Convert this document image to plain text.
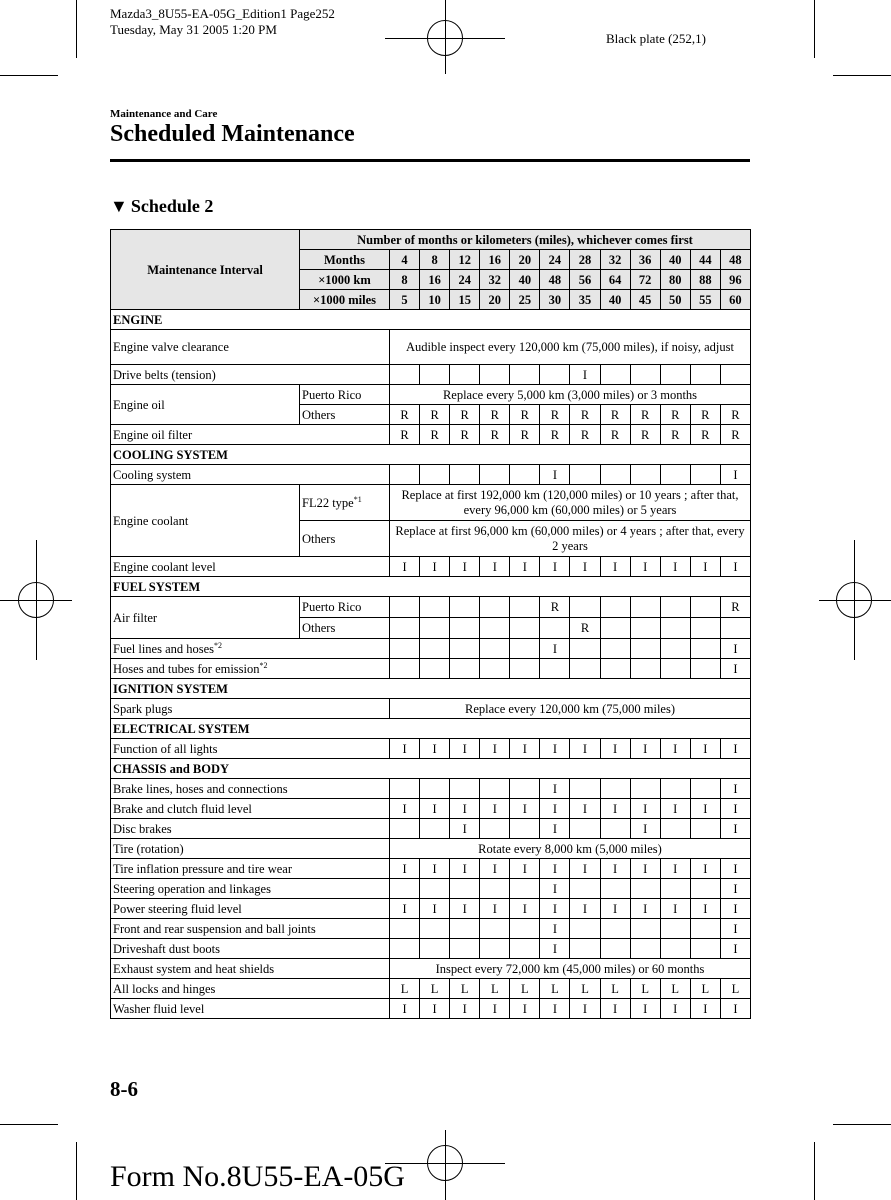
Mazda3_8U55-EA-05G_Edition1 Page252
Tuesday, May 31 2005 1:20 PM
Black plate (252,1)
Maintenance and Care
Scheduled Maintenance
▼ Schedule 2
Maintenance Interval	Number of months or kilometers (miles), whichever comes first												
	Months	4	8	12	16	20	24	28	32	36	40	44	48
	×1000 km	8	16	24	32	40	48	56	64	72	80	88	96
	×1000 miles	5	10	15	20	25	30	35	40	45	50	55	60
ENGINE													
Engine valve clearance		Audible inspect every 120,000 km (75,000 miles), if noisy, adjust											
Drive belts (tension)								I					
Engine oil	Puerto Rico	Replace every 5,000 km (3,000 miles) or 3 months											
	Others	R	R	R	R	R	R	R	R	R	R	R	R
Engine oil filter		R	R	R	R	R	R	R	R	R	R	R	R
COOLING SYSTEM													
Cooling system							I						I
Engine coolant	FL22 type$^{*1}$	Replace at first 192,000 km (120,000 miles) or 10 years ; after that, every 96,000 km (60,000 miles) or 5 years											
	Others	Replace at first 96,000 km (60,000 miles) or 4 years ; after that, every 2 years											
Engine coolant level		I	I	I	I	I	I	I	I	I	I	I	I
FUEL SYSTEM													
Air filter	Puerto Rico						R						R
	Others							R					
Fuel lines and hoses$^{*2}$							I						I
Hoses and tubes for emission$^{*2}$													I
IGNITION SYSTEM													
Spark plugs		Replace every 120,000 km (75,000 miles)											
ELECTRICAL SYSTEM													
Function of all lights		I	I	I	I	I	I	I	I	I	I	I	I
CHASSIS and BODY													
Brake lines, hoses and connections							I						I
Brake and clutch fluid level		I	I	I	I	I	I	I	I	I	I	I	I
Disc brakes				I			I			I			I
Tire (rotation)		Rotate every 8,000 km (5,000 miles)											
Tire inflation pressure and tire wear		I	I	I	I	I	I	I	I	I	I	I	I
Steering operation and linkages							I						I
Power steering fluid level		I	I	I	I	I	I	I	I	I	I	I	I
Front and rear suspension and ball joints							I						I
Driveshaft dust boots							I						I
Exhaust system and heat shields		Inspect every 72,000 km (45,000 miles) or 60 months											
All locks and hinges		L	L	L	L	L	L	L	L	L	L	L	L
Washer fluid level		I	I	I	I	I	I	I	I	I	I	I	I
8-6
Form No.8U55-EA-05G
